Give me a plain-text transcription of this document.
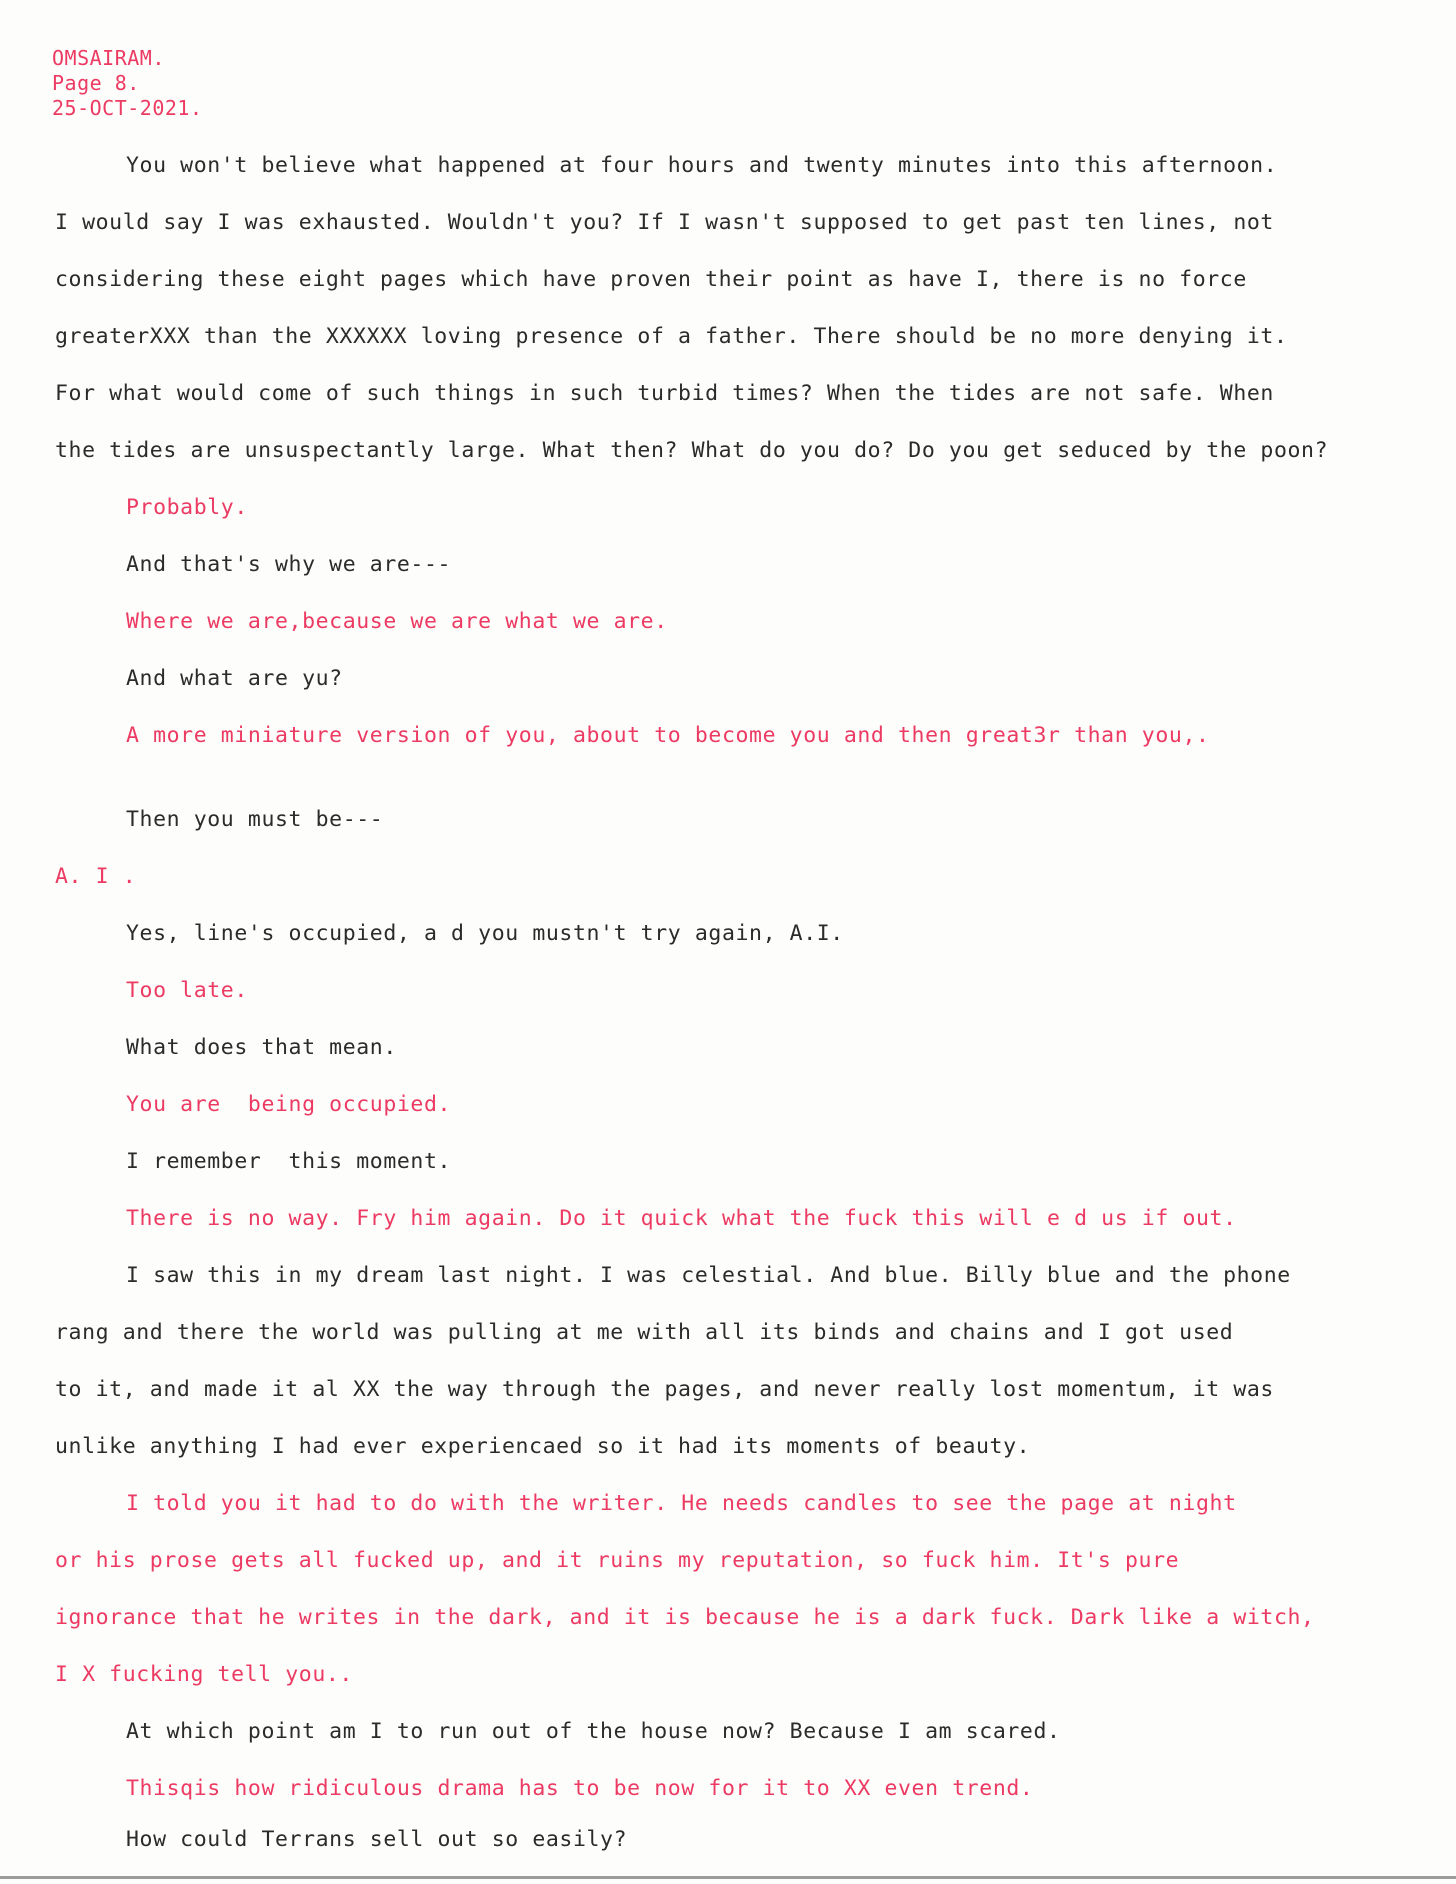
OMSAIRAM.
Page 8.
25-OCT-2021.
You won't believe what happened at four hours and twenty minutes into this afternoon.
I would say I was exhausted. Wouldn't you? If I wasn't supposed to get past ten lines, not
considering these eight pages which have proven their point as have I, there is no force
greaterXXX than the XXXXXX loving presence of a father. There should be no more denying it.
For what would come of such things in such turbid times? When the tides are not safe. When
the tides are unsuspectantly large. What then? What do you do? Do you get seduced by the poon?
Probably.
And that's why we are---
Where we are,because we are what we are.
And what are yu?
A more miniature version of you, about to become you and then great3r than you,.
Then you must be---
A. I .
Yes, line's occupied, a d you mustn't try again, A.I.
Too late.
What does that mean.
You are  being occupied.
I remember  this moment.
There is no way. Fry him again. Do it quick what the fuck this will e d us if out.
I saw this in my dream last night. I was celestial. And blue. Billy blue and the phone
rang and there the world was pulling at me with all its binds and chains and I got used
to it, and made it al XX the way through the pages, and never really lost momentum, it was
unlike anything I had ever experiencaed so it had its moments of beauty.
I told you it had to do with the writer. He needs candles to see the page at night
or his prose gets all fucked up, and it ruins my reputation, so fuck him. It's pure
ignorance that he writes in the dark, and it is because he is a dark fuck. Dark like a witch,
I X fucking tell you..
At which point am I to run out of the house now? Because I am scared.
Thisqis how ridiculous drama has to be now for it to XX even trend.
How could Terrans sell out so easily?
